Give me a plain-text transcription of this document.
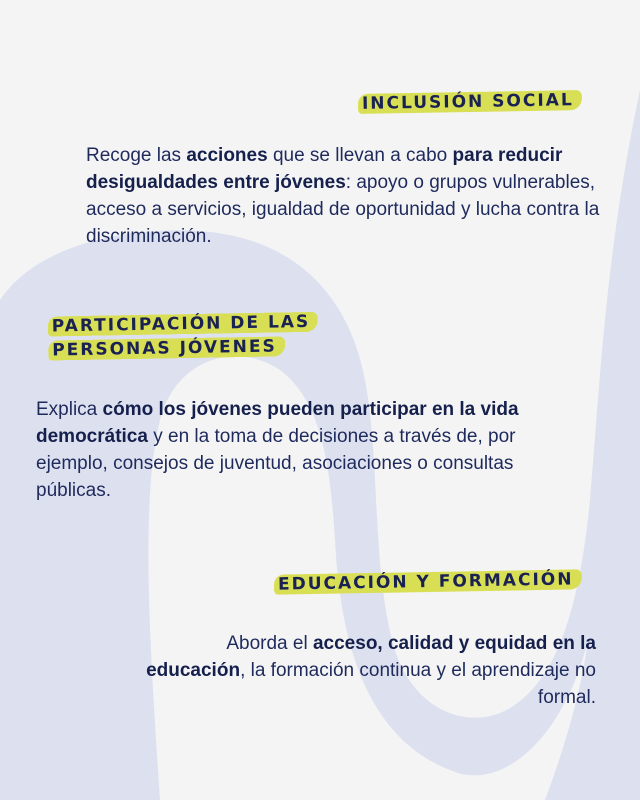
INCLUSIÓN SOCIAL
Recoge las acciones que se llevan a cabo para reducir desigualdades entre jóvenes: apoyo o grupos vulnerables, acceso a servicios, igualdad de oportunidad y lucha contra la discriminación.
PARTICIPACIÓN DE LAS PERSONAS JÓVENES
Explica cómo los jóvenes pueden participar en la vida democrática y en la toma de decisiones a través de, por ejemplo, consejos de juventud, asociaciones o consultas públicas.
EDUCACIÓN Y FORMACIÓN
Aborda el acceso, calidad y equidad en la educación, la formación continua y el aprendizaje no formal.
